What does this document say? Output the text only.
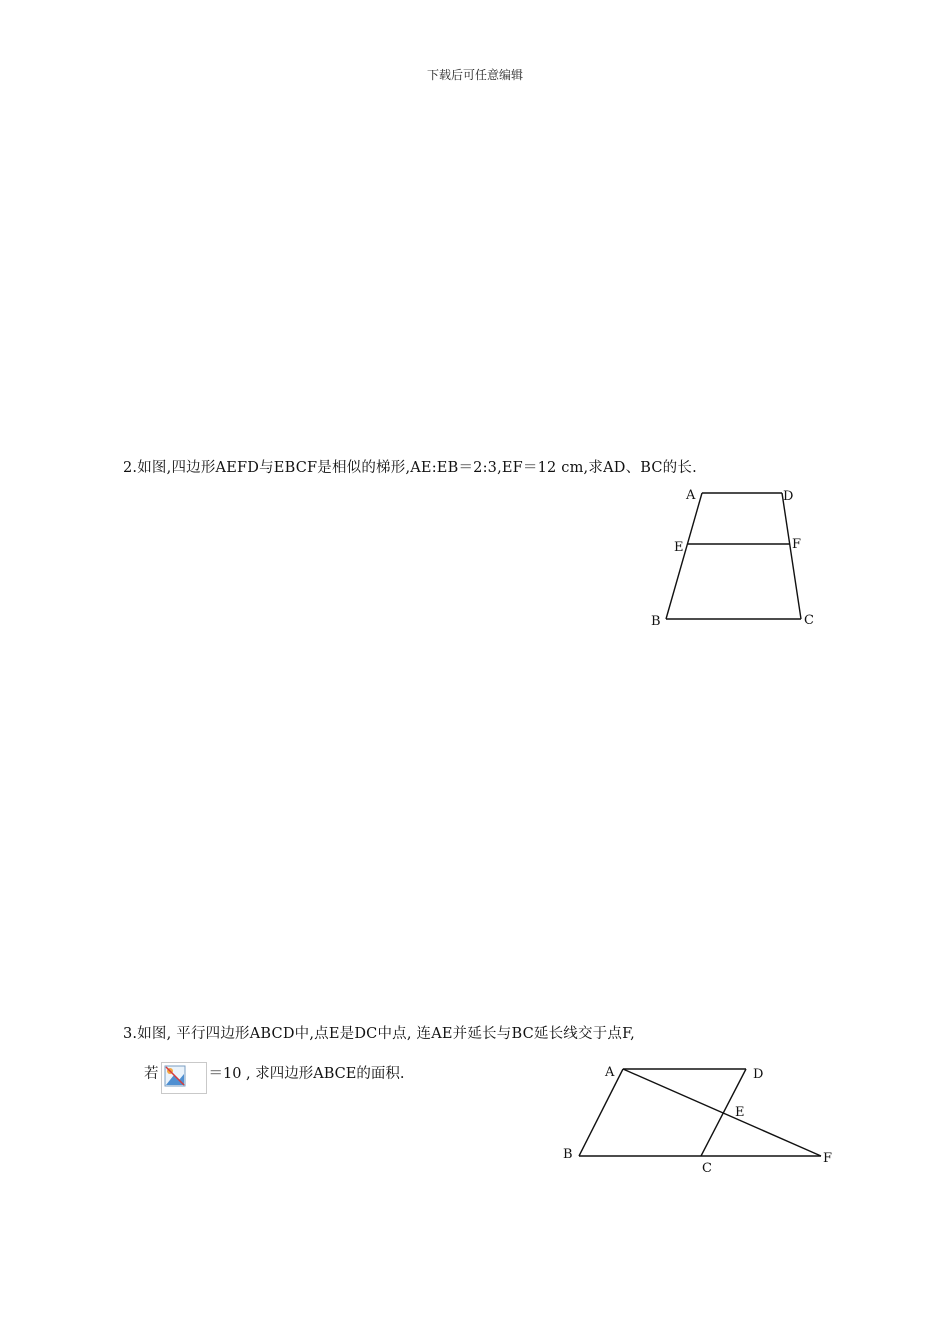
下载后可任意编辑
2.如图,四边形AEFD与EBCF是相似的梯形,AE:EB＝2:3,EF＝12 cm,求AD、BC的长.
A	D
E	F
B	C
3.如图, 平行四边形ABCD中,点E是DC中点, 连AE并延长与BC延长线交于点F,
若	＝10 , 求四边形ABCE的面积.	A	D
E
B
C
F
